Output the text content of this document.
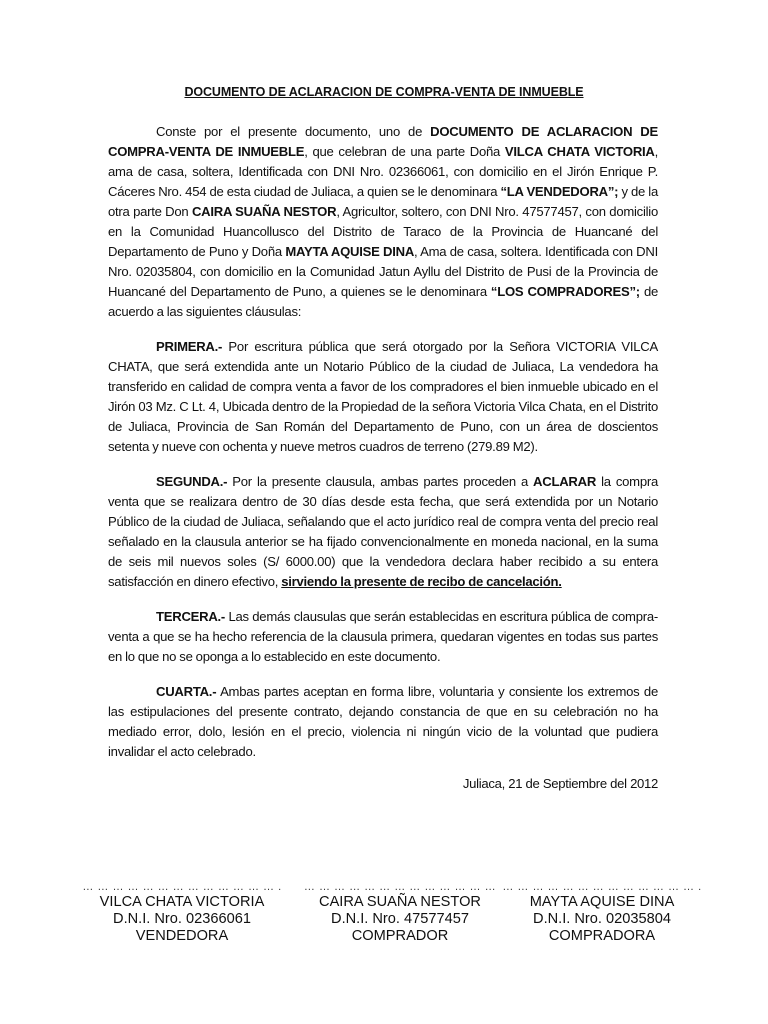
DOCUMENTO DE ACLARACION DE COMPRA-VENTA DE INMUEBLE

Conste por el presente documento, uno de DOCUMENTO DE ACLARACION DE COMPRA-VENTA DE INMUEBLE, que celebran de una parte Doña VILCA CHATA VICTORIA, ama de casa, soltera, Identificada con DNI Nro. 02366061, con domicilio en el Jirón Enrique P. Cáceres Nro. 454 de esta ciudad de Juliaca, a quien se le denominara “LA VENDEDORA”; y de la otra parte Don CAIRA SUAÑA NESTOR, Agricultor, soltero, con DNI Nro. 47577457, con domicilio en la Comunidad Huancollusco del Distrito de Taraco de la Provincia de Huancané del Departamento de Puno y Doña MAYTA AQUISE DINA, Ama de casa, soltera. Identificada con DNI Nro. 02035804, con domicilio en la Comunidad Jatun Ayllu del Distrito de Pusi de la Provincia de Huancané del Departamento de Puno, a quienes se le denominara “LOS COMPRADORES”; de acuerdo a las siguientes cláusulas:

PRIMERA.- Por escritura pública que será otorgado por la Señora VICTORIA VILCA CHATA, que será extendida ante un Notario Público de la ciudad de Juliaca, La vendedora ha transferido en calidad de compra venta a favor de los compradores el bien inmueble ubicado en el Jirón 03 Mz. C Lt. 4, Ubicada dentro de la Propiedad de la señora Victoria Vilca Chata, en el Distrito de Juliaca, Provincia de San Román del Departamento de Puno, con un área de doscientos setenta y nueve con ochenta y nueve metros cuadros de terreno (279.89 M2).

SEGUNDA.- Por la presente clausula, ambas partes proceden a ACLARAR la compra venta que se realizara dentro de 30 días desde esta fecha, que será extendida por un Notario Público de la ciudad de Juliaca, señalando que el acto jurídico real de compra venta del precio real señalado en la clausula anterior se ha fijado convencionalmente en moneda nacional, en la suma de seis mil nuevos soles (S/ 6000.00) que la vendedora declara haber recibido a su entera satisfacción en dinero efectivo, sirviendo la presente de recibo de cancelación.

TERCERA.- Las demás clausulas que serán establecidas en escritura pública de compra-venta a que se ha hecho referencia de la clausula primera, quedaran vigentes en todas sus partes en lo que no se oponga a lo establecido en este documento.

CUARTA.- Ambas partes aceptan en forma libre, voluntaria y consiente los extremos de las estipulaciones del presente contrato, dejando constancia de que en su celebración no ha mediado error, dolo, lesión en el precio, violencia ni ningún vicio de la voluntad que pudiera invalidar el acto celebrado.

Juliaca, 21 de Septiembre del 2012
… … … … … … … … … … … … … .
VILCA CHATA VICTORIA
D.N.I. Nro. 02366061
VENDEDORA
… … … … … … … … … … … … …
CAIRA SUAÑA NESTOR
D.N.I. Nro. 47577457
COMPRADOR
… … … … … … … … … … … … … .
MAYTA AQUISE DINA
D.N.I. Nro. 02035804
COMPRADORA
